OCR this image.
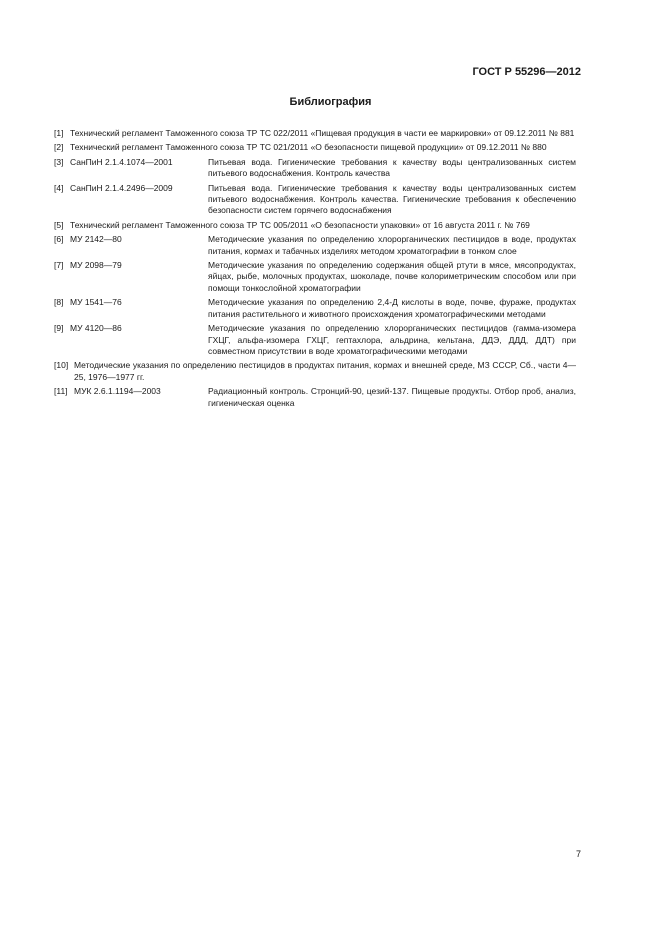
ГОСТ Р 55296—2012
Библиография
[1] Технический регламент Таможенного союза ТР ТС 022/2011 «Пищевая продукция в части ее маркировки» от 09.12.2011 № 881
[2] Технический регламент Таможенного союза ТР ТС 021/2011 «О безопасности пищевой продукции» от 09.12.2011 № 880
[3] СанПиН 2.1.4.1074—2001	Питьевая вода. Гигиенические требования к качеству воды централизованных систем питьевого водоснабжения. Контроль качества
[4] СанПиН 2.1.4.2496—2009	Питьевая вода. Гигиенические требования к качеству воды централизованных систем питьевого водоснабжения. Контроль качества. Гигиенические требования к обеспечению безопасности систем горячего водоснабжения
[5] Технический регламент Таможенного союза ТР ТС 005/2011 «О безопасности упаковки» от 16 августа 2011 г. № 769
[6] МУ 2142—80	Методические указания по определению хлорорганических пестицидов в воде, продуктах питания, кормах и табачных изделиях методом хроматографии в тонком слое
[7] МУ 2098—79	Методические указания по определению содержания общей ртути в мясе, мясопродуктах, яйцах, рыбе, молочных продуктах, шоколаде, почве колориметрическим способом или при помощи тонкослойной хроматографии
[8] МУ 1541—76	Методические указания по определению 2,4-Д кислоты в воде, почве, фураже, продуктах питания растительного и животного происхождения хроматографическими методами
[9] МУ 4120—86	Методические указания по определению хлорорганических пестицидов (гамма-изомера ГХЦГ, альфа-изомера ГХЦГ, гептахлора, альдрина, кельтана, ДДЭ, ДДД, ДДТ) при совместном присутствии в воде хроматографическими методами
[10] Методические указания по определению пестицидов в продуктах питания, кормах и внешней среде, МЗ СССР, Сб., части 4—25, 1976—1977 гг.
[11] МУК 2.6.1.1194—2003	Радиационный контроль. Стронций-90, цезий-137. Пищевые продукты. Отбор проб, анализ, гигиеническая оценка
7
